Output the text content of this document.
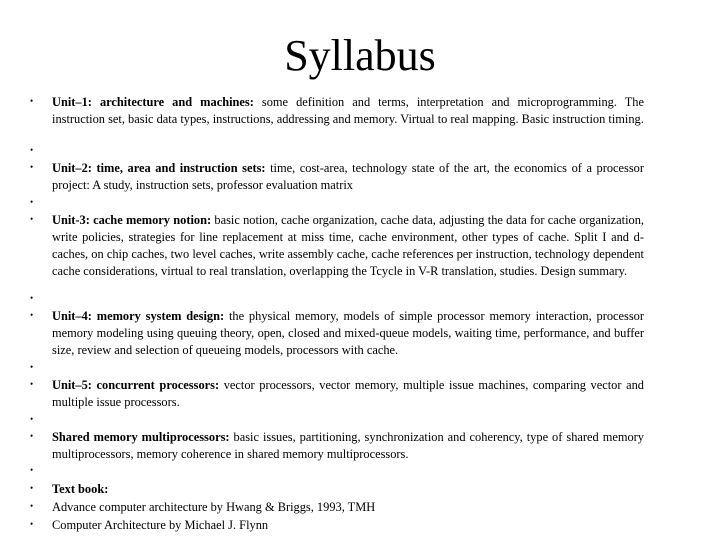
Syllabus
• Unit–1: architecture and machines: some definition and terms, interpretation and microprogramming. The instruction set, basic data types, instructions, addressing and memory. Virtual to real mapping. Basic instruction timing.
•
• Unit–2: time, area and instruction sets: time, cost-area, technology state of the art, the economics of a processor project: A study, instruction sets, professor evaluation matrix
•
• Unit-3: cache memory notion: basic notion, cache organization, cache data, adjusting the data for cache organization, write policies, strategies for line replacement at miss time, cache environment, other types of cache. Split I and d-caches, on chip caches, two level caches, write assembly cache, cache references per instruction, technology dependent cache considerations, virtual to real translation, overlapping the Tcycle in V-R translation, studies. Design summary.
•
• Unit–4: memory system design: the physical memory, models of simple processor memory interaction, processor memory modeling using queuing theory, open, closed and mixed-queue models, waiting time, performance, and buffer size, review and selection of queueing models, processors with cache.
•
• Unit–5: concurrent processors: vector processors, vector memory, multiple issue machines, comparing vector and multiple issue processors.
•
• Shared memory multiprocessors: basic issues, partitioning, synchronization and coherency, type of shared memory multiprocessors, memory coherence in shared memory multiprocessors.
•
• Text book:
• Advance computer architecture by Hwang & Briggs, 1993, TMH
• Computer Architecture by Michael J. Flynn
